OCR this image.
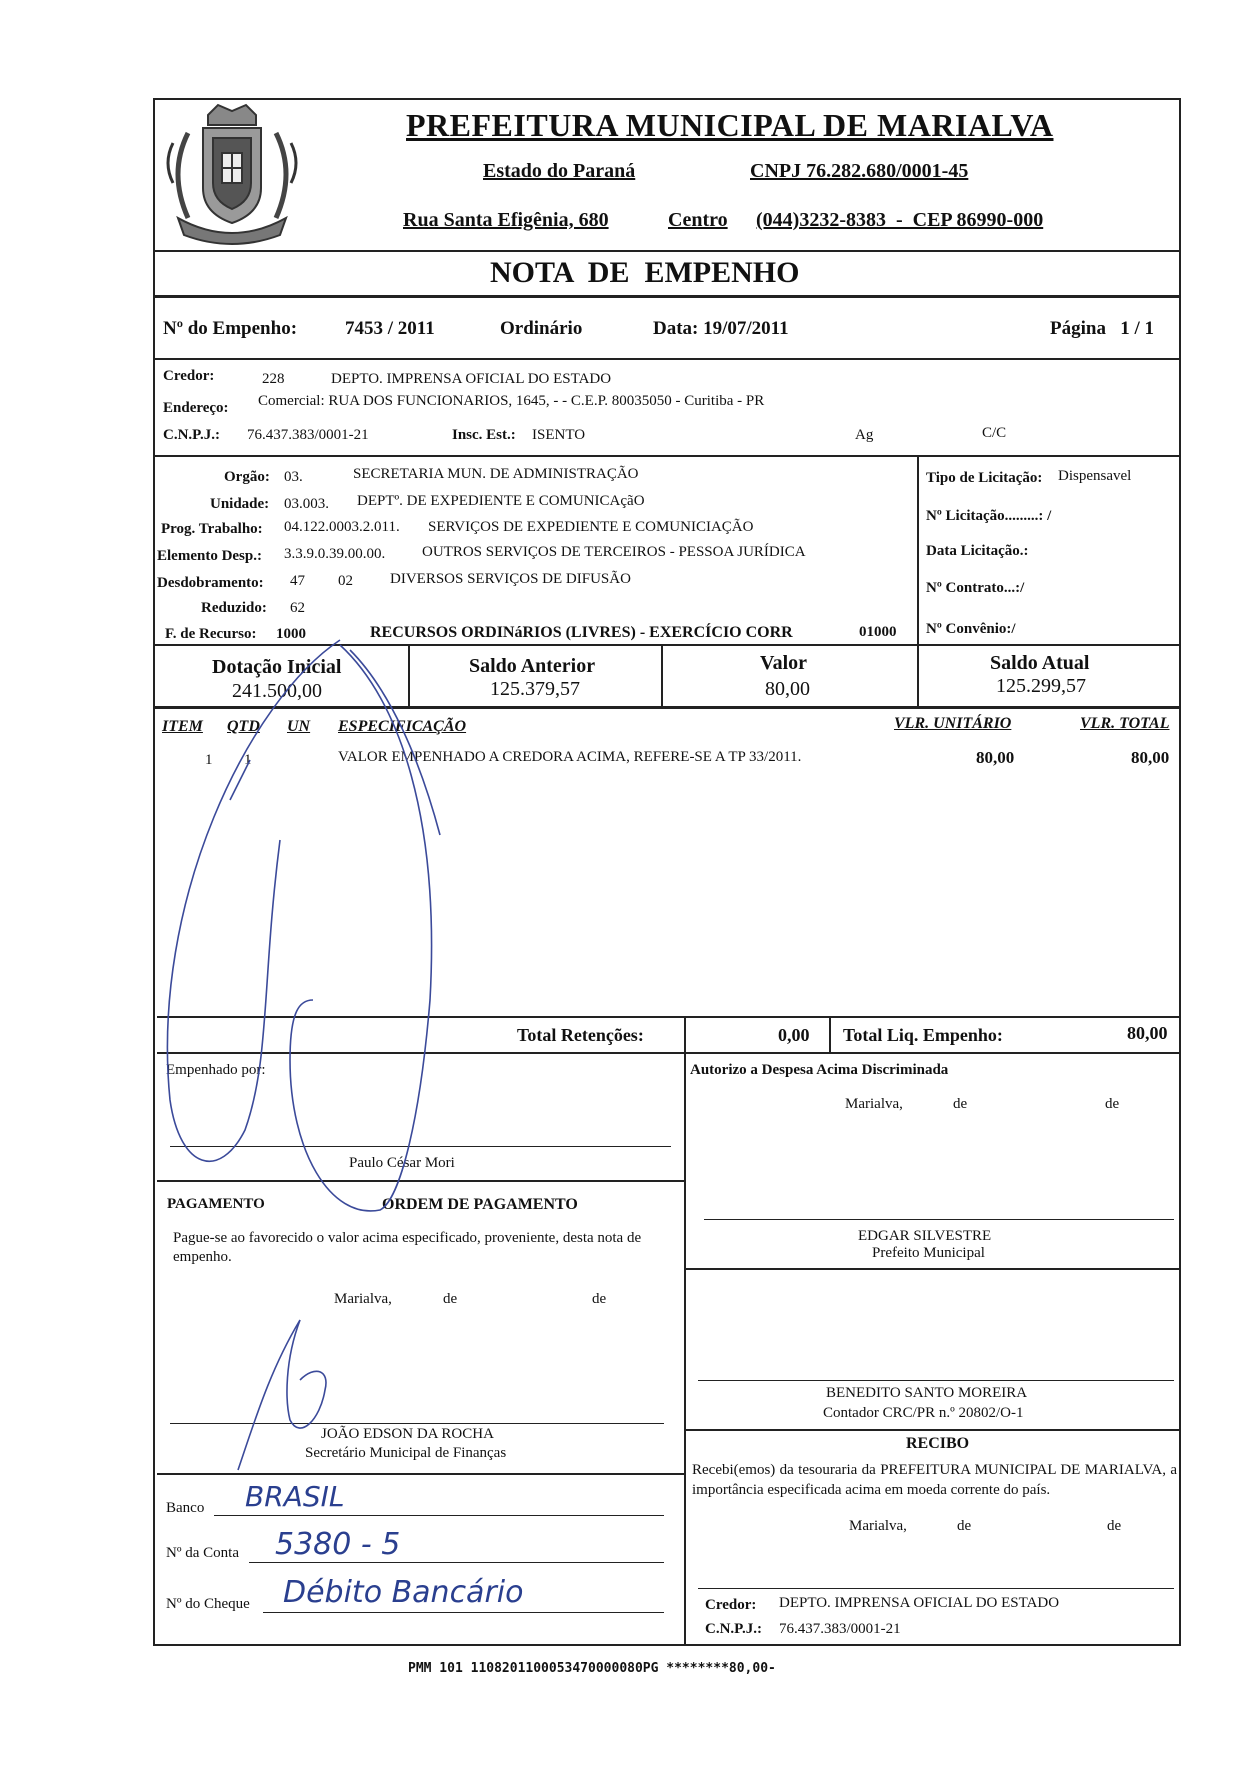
PREFEITURA MUNICIPAL DE MARIALVA
Estado do Paraná	CNPJ 76.282.680/0001-45
Rua Santa Efigênia, 680	Centro (044)3232-8383  -  CEP 86990-000
NOTA  DE  EMPENHO
Nº do Empenho:	7453 / 2011	Ordinário	Data: 19/07/2011	Página   1 / 1
Credor:	228	DEPTO. IMPRENSA OFICIAL DO ESTADO
Endereço: Comercial: RUA DOS FUNCIONARIOS, 1645, - - C.E.P. 80035050 - Curitiba - PR
C.N.P.J.: 76.437.383/0001-21	Insc. Est.: ISENTO	Ag	C/C
Orgão: 03.	SECRETARIA MUN. DE ADMINISTRAÇÃO
Unidade: 03.003. DEPTº. DE EXPEDIENTE E COMUNICAçãO
Prog. Trabalho: 04.122.0003.2.011. SERVIÇOS DE EXPEDIENTE E COMUNICIAÇÃO
Elemento Desp.: 3.3.9.0.39.00.00. OUTROS SERVIÇOS DE TERCEIROS - PESSOA JURÍDICA
Desdobramento: 47 02 DIVERSOS SERVIÇOS DE DIFUSÃO
Reduzido: 62
F. de Recurso: 1000	RECURSOS ORDINáRIOS (LIVRES) - EXERCÍCIO CORR	01000
Tipo de Licitação: Dispensavel
Nº Licitação.........: /
Data Licitação.:
Nº Contrato...:/
Nº Convênio:/
Dotação Inicial
241.500,00
Saldo Anterior
125.379,57
Valor
80,00
Saldo Atual
125.299,57
ITEM QTD UN ESPECIFICAÇÃO	VLR. UNITÁRIO	VLR. TOTAL
1 1	VALOR EMPENHADO A CREDORA ACIMA, REFERE-SE A TP 33/2011.	80,00	80,00
Total Retenções:	0,00 Total Liq. Empenho:	80,00
Empenhado por:
Paulo César Mori
Autorizo a Despesa Acima Discriminada
Marialva,	de	de
EDGAR SILVESTRE
Prefeito Municipal
PAGAMENTO	ORDEM DE PAGAMENTO
Pague-se ao favorecido o valor acima especificado, proveniente, desta nota de empenho.
Marialva,	de	de
JOÃO EDSON DA ROCHA
Secretário Municipal de Finanças
BENEDITO SANTO MOREIRA
Contador CRC/PR n.º 20802/O-1
RECIBO
Recebi(emos) da tesouraria da PREFEITURA MUNICIPAL DE MARIALVA, a importância especificada acima em moeda corrente do país.
Marialva,	de	de
Credor: DEPTO. IMPRENSA OFICIAL DO ESTADO
C.N.P.J.: 76.437.383/0001-21
Banco BRASIL
Nº da Conta 5380 - 5
Nº do Cheque Débito Bancário
PMM 101 1108201100053470000080PG ********80,00-
